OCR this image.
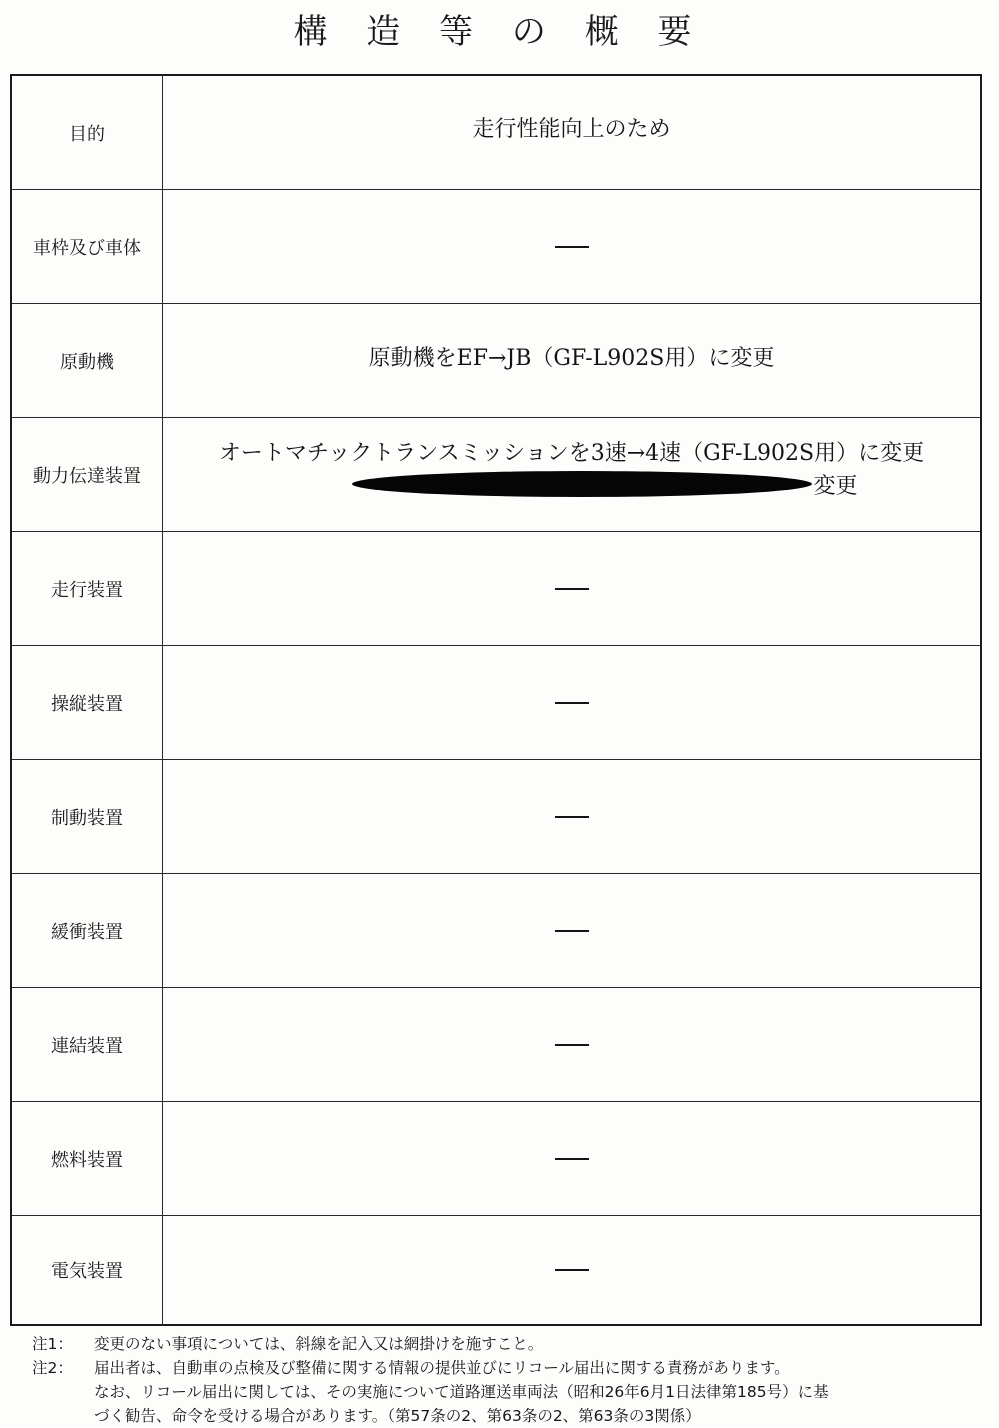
構 造 等 の 概 要
目的	走行性能向上のため
車枠及び車体
原動機	原動機をEF→JB（GF-L902S用）に変更
動力伝達装置
オートマチックトランスミッションを3速→4速（GF-L902S用）に変更
変更
走行装置
操縦装置
制動装置
緩衝装置
連結装置
燃料装置
電気装置
注1： 変更のない事項については、斜線を記入又は網掛けを施すこと。
注2： 届出者は、自動車の点検及び整備に関する情報の提供並びにリコール届出に関する責務があります。
なお、リコール届出に関しては、その実施について道路運送車両法（昭和26年6月1日法律第185号）に基
づく勧告、命令を受ける場合があります。（第57条の2、第63条の2、第63条の3関係）
